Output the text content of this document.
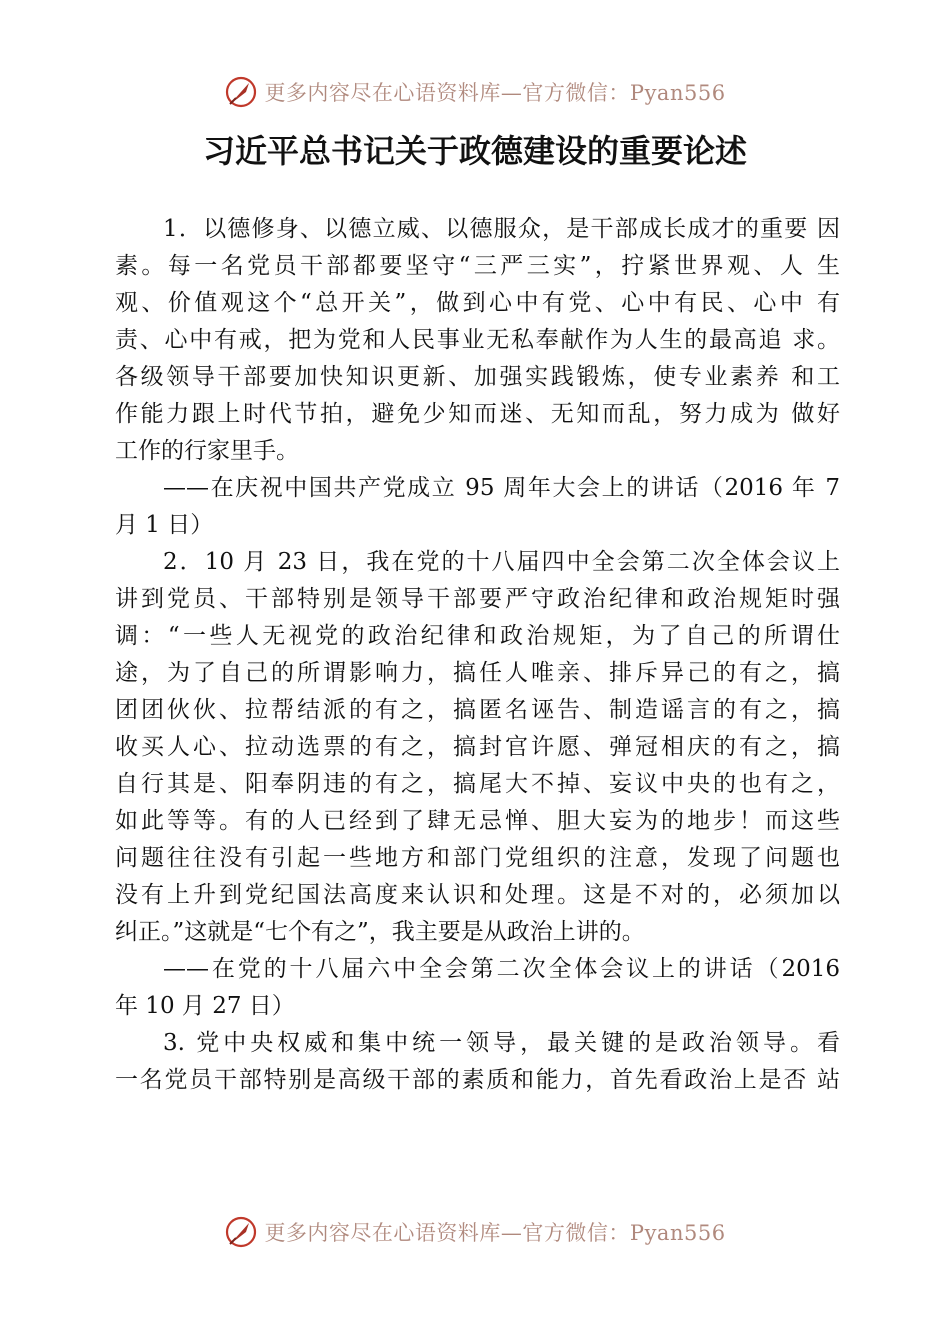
更多内容尽在心语资料库—官方微信：Pyan556
习近平总书记关于政德建设的重要论述
1．以德修身、以德立威、以德服众，是干部成长成才的重要 因
素。每一名党员干部都要坚守“三严三实”，拧紧世界观、人 生
观、价值观这个“总开关”，做到心中有党、心中有民、心中 有
责、心中有戒，把为党和人民事业无私奉献作为人生的最高追 求。
各级领导干部要加快知识更新、加强实践锻炼，使专业素养 和工
作能力跟上时代节拍，避免少知而迷、无知而乱，努力成为 做好
工作的行家里手。
——在庆祝中国共产党成立 95 周年大会上的讲话（2016 年 7
月 1 日）
2．10 月 23 日，我在党的十八届四中全会第二次全体会议上
讲到党员、干部特别是领导干部要严守政治纪律和政治规矩时强
调：“一些人无视党的政治纪律和政治规矩，为了自己的所谓仕
途，为了自己的所谓影响力，搞任人唯亲、排斥异己的有之，搞
团团伙伙、拉帮结派的有之，搞匿名诬告、制造谣言的有之，搞
收买人心、拉动选票的有之，搞封官许愿、弹冠相庆的有之，搞
自行其是、阳奉阴违的有之，搞尾大不掉、妄议中央的也有之，
如此等等。有的人已经到了肆无忌惮、胆大妄为的地步！而这些
问题往往没有引起一些地方和部门党组织的注意，发现了问题也
没有上升到党纪国法高度来认识和处理。这是不对的，必须加以
纠正。”这就是“七个有之”，我主要是从政治上讲的。
——在党的十八届六中全会第二次全体会议上的讲话（2016
年 10 月 27 日）
3. 党中央权威和集中统一领导，最关键的是政治领导。看
一名党员干部特别是高级干部的素质和能力，首先看政治上是否 站
更多内容尽在心语资料库—官方微信：Pyan556
